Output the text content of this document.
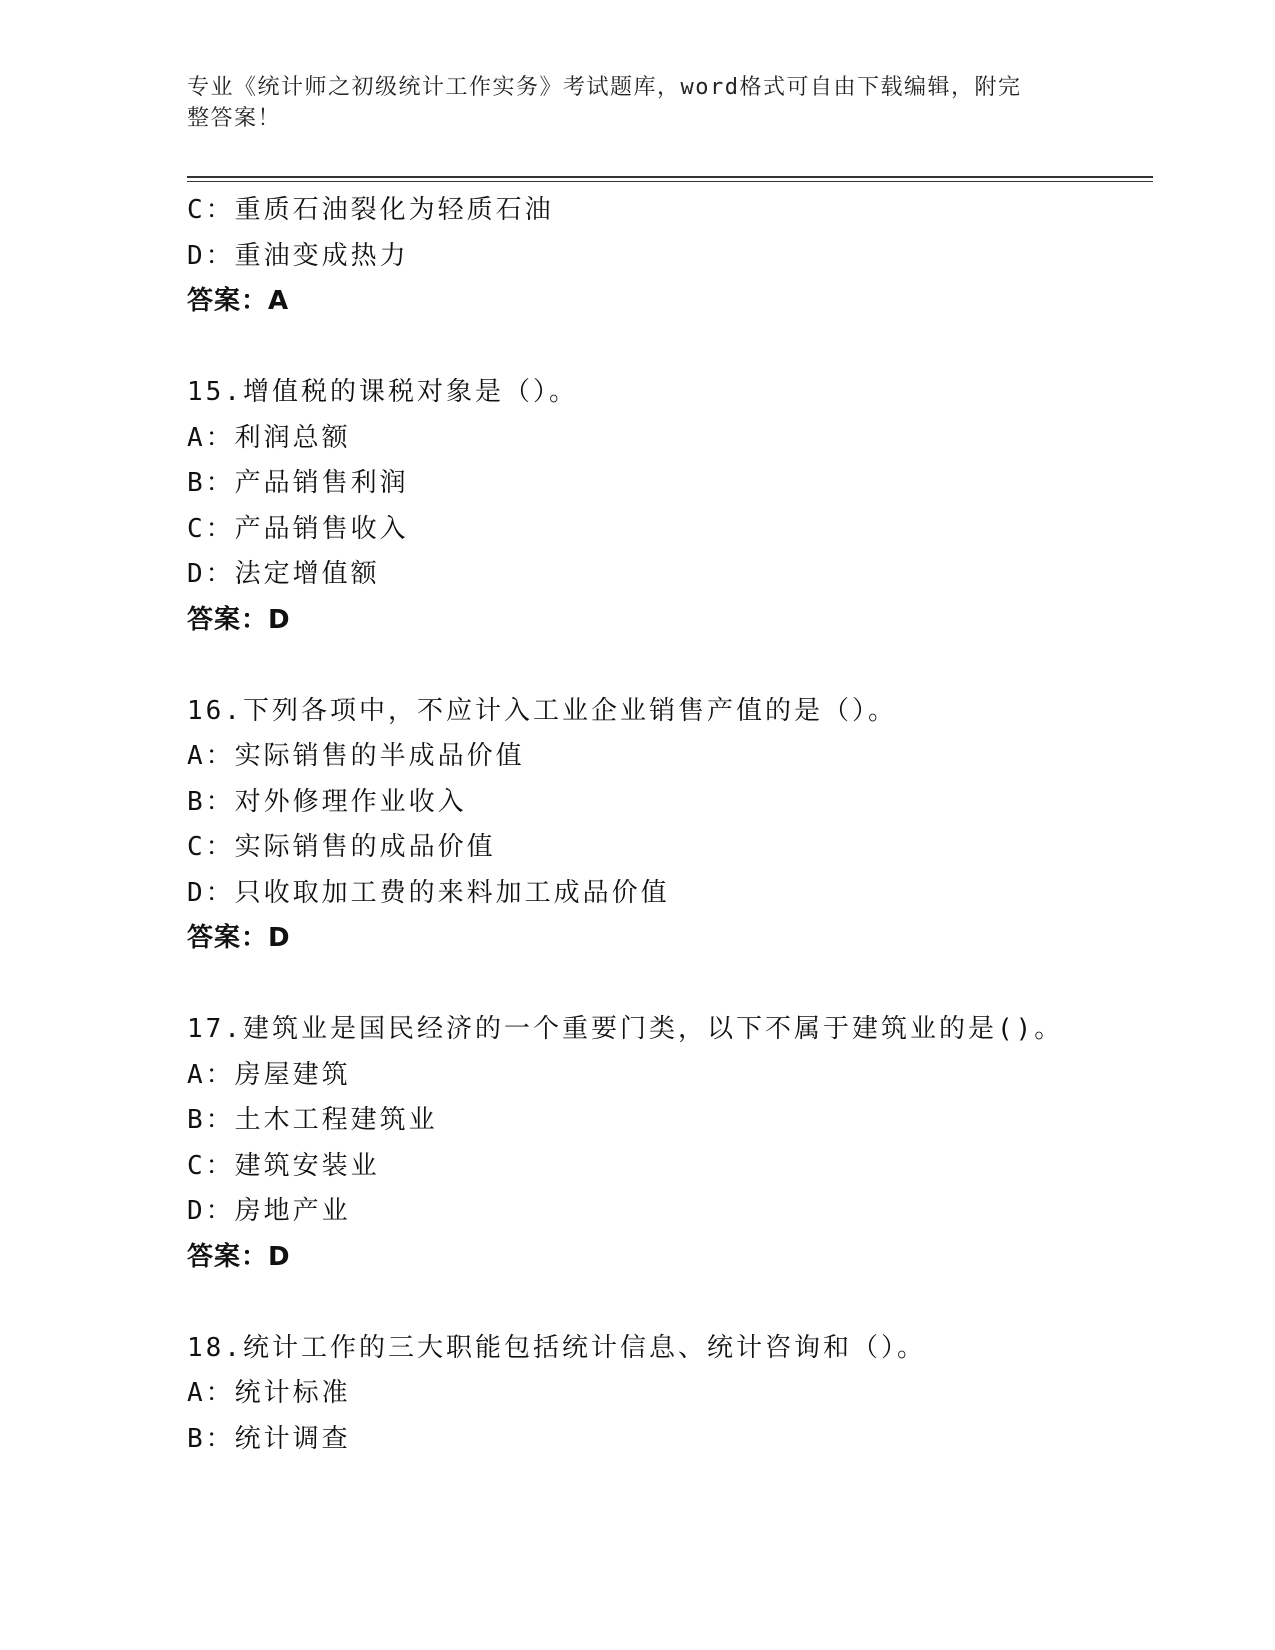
专业《统计师之初级统计工作实务》考试题库，word格式可自由下载编辑，附完
整答案！
C：重质石油裂化为轻质石油
D：重油变成热力
答案：A
15.增值税的课税对象是（）。
A：利润总额
B：产品销售利润
C：产品销售收入
D：法定增值额
答案：D
16.下列各项中，不应计入工业企业销售产值的是（）。
A：实际销售的半成品价值
B：对外修理作业收入
C：实际销售的成品价值
D：只收取加工费的来料加工成品价值
答案：D
17.建筑业是国民经济的一个重要门类，以下不属于建筑业的是()。
A：房屋建筑
B：土木工程建筑业
C：建筑安装业
D：房地产业
答案：D
18.统计工作的三大职能包括统计信息、统计咨询和（）。
A：统计标准
B：统计调查
